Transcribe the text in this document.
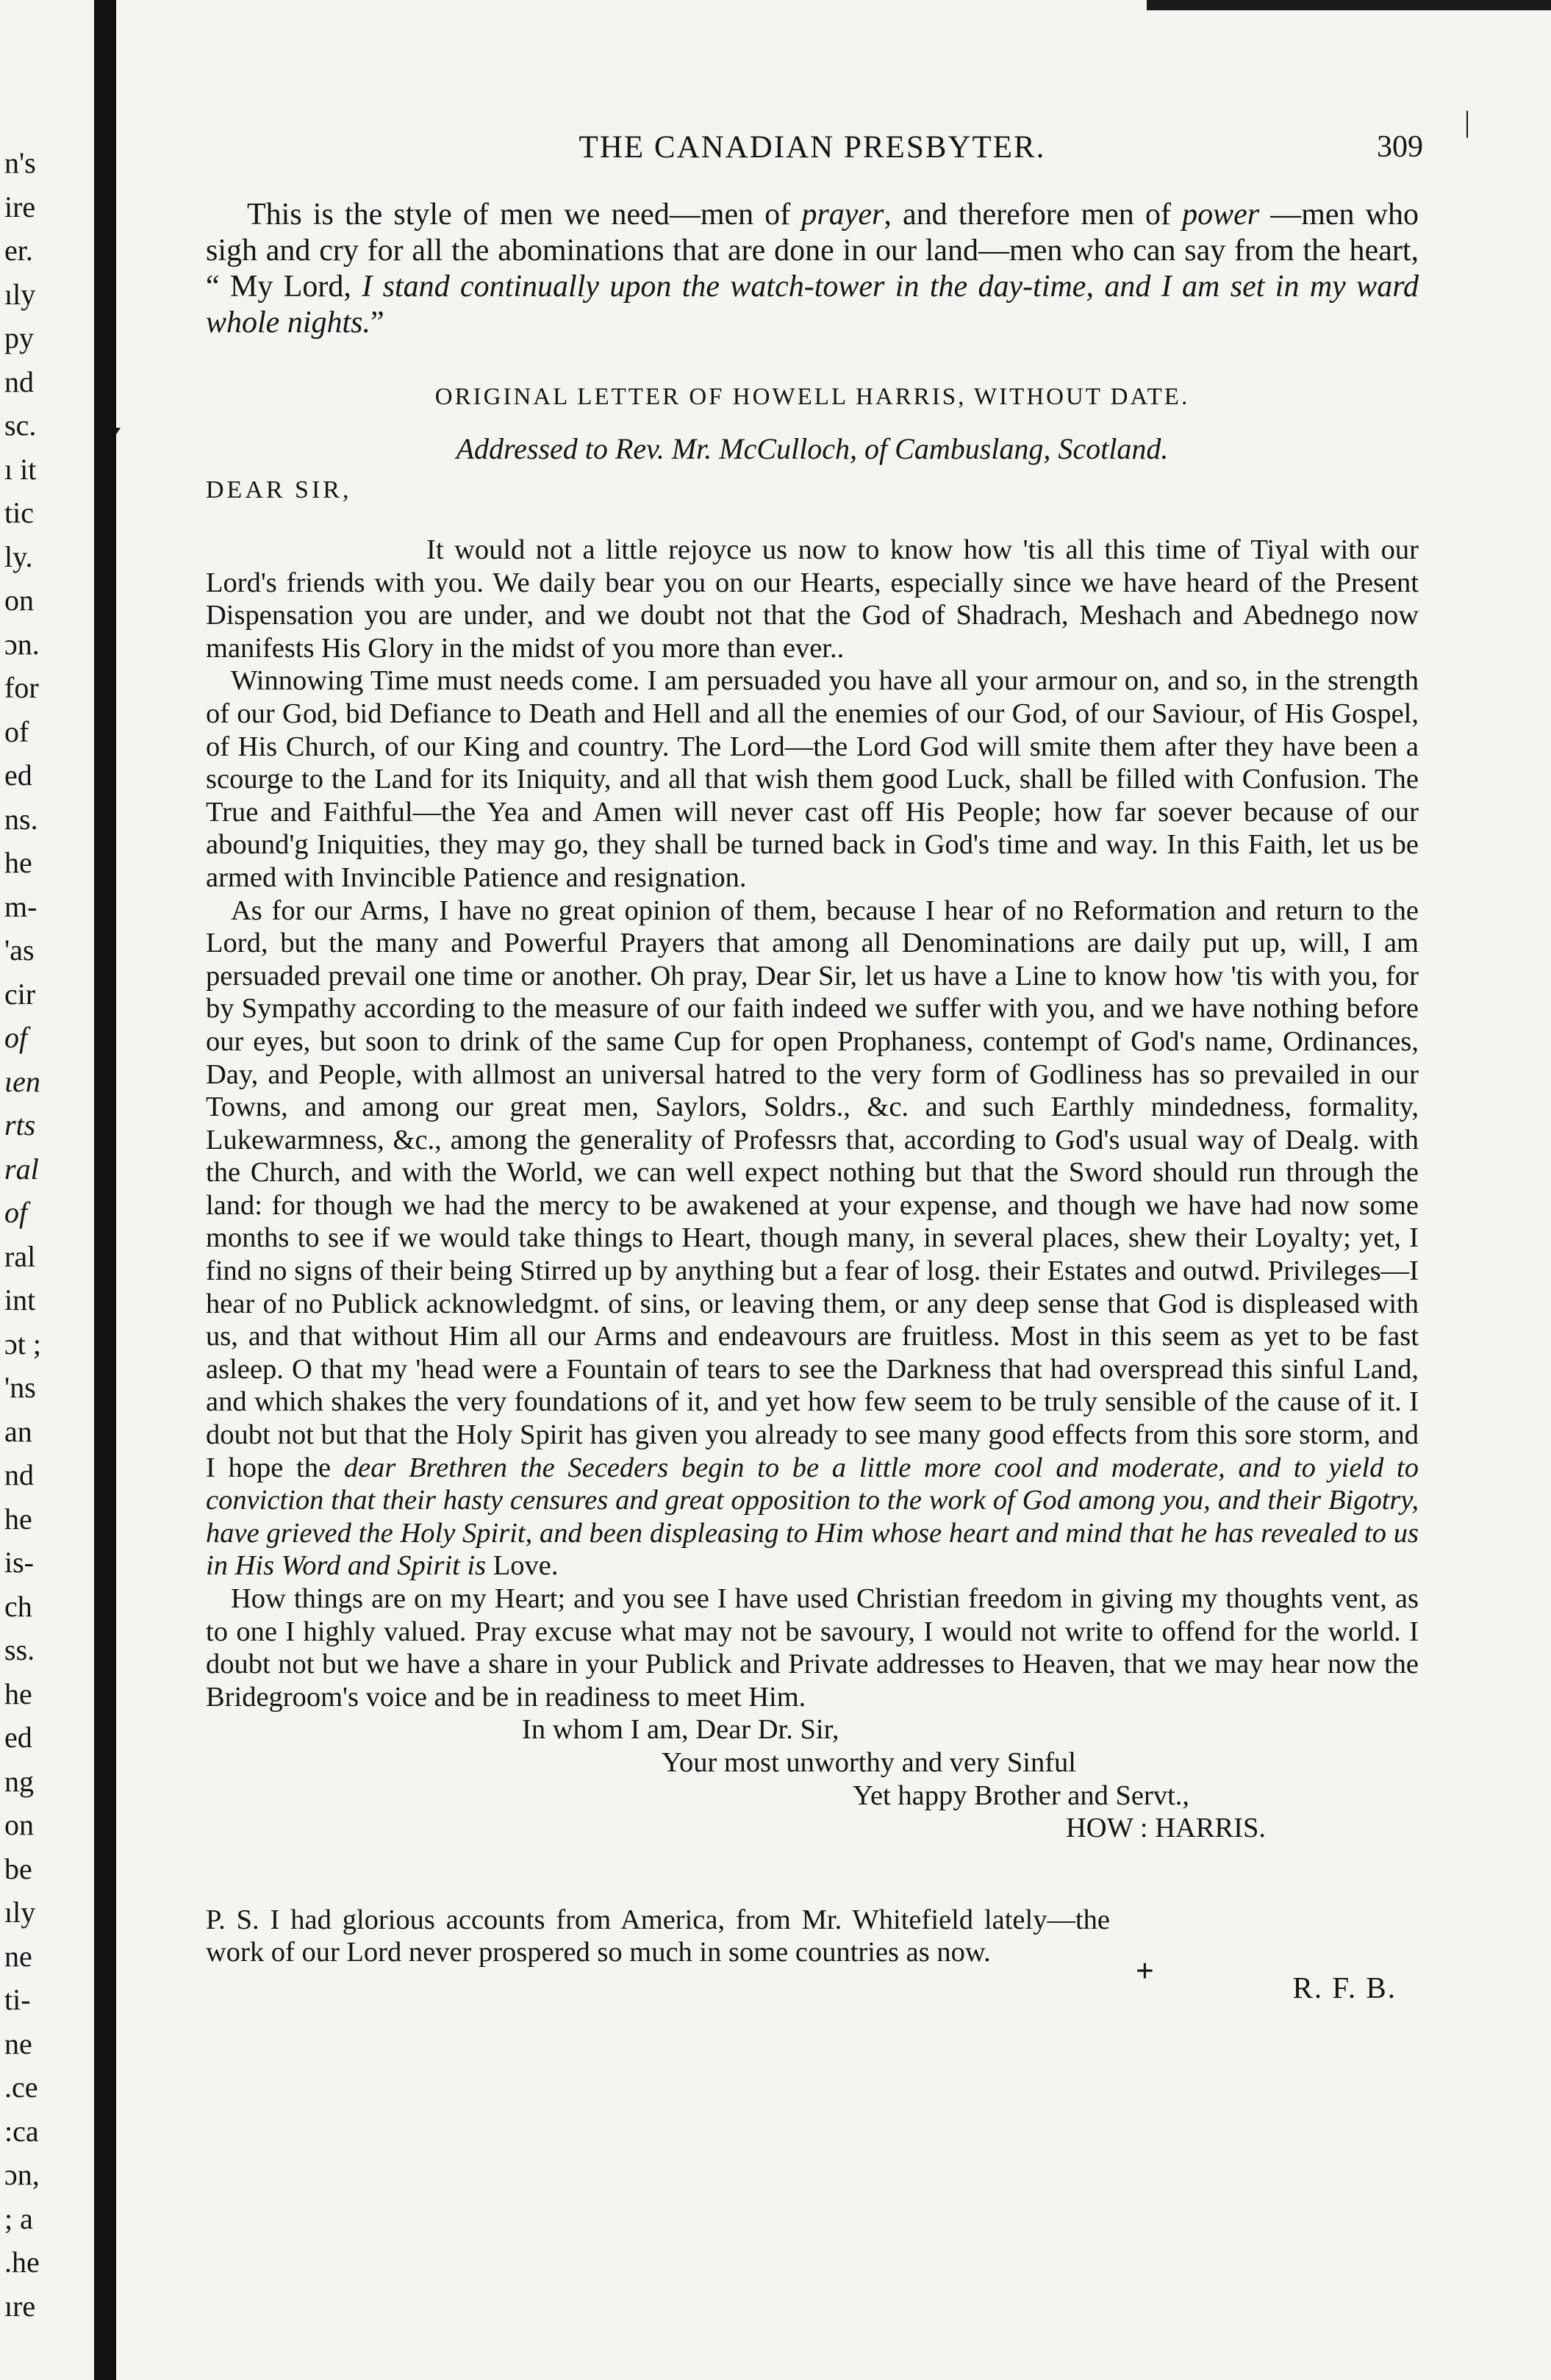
n's
ire
er.
ıly
py
nd
sc.
ı it
tic
ly.
on
ɔn.
for
of
ed
ns.
he
m-
'as
cir
of
ιen
rts
ral
of
ral
int
ɔt ;
'ns
an
nd
he
is-
ch
ss.
he
ed
ng
on
be
ıly
ne
ti-
ne
.ce
:ca
ɔn,
; a
.he
ıre
THE CANADIAN PRESBYTER.	309
|
This is the style of men we need—men of prayer, and therefore men of power —men who sigh and cry for all the abominations that are done in our land—men who can say from the heart, “ My Lord, I stand continually upon the watch-tower in the day-time, and I am set in my ward whole nights.”
ORIGINAL LETTER OF HOWELL HARRIS, WITHOUT DATE.
Addressed to Rev. Mr. McCulloch, of Cambuslang, Scotland.
DEAR SIR,

It would not a little rejoyce us now to know how 'tis all this time of Tiyal with our Lord's friends with you. We daily bear you on our Hearts, especially since we have heard of the Present Dispensation you are under, and we doubt not that the God of Shadrach, Meshach and Abednego now manifests His Glory in the midst of you more than ever..

Winnowing Time must needs come. I am persuaded you have all your armour on, and so, in the strength of our God, bid Defiance to Death and Hell and all the enemies of our God, of our Saviour, of His Gospel, of His Church, of our King and country. The Lord—the Lord God will smite them after they have been a scourge to the Land for its Iniquity, and all that wish them good Luck, shall be filled with Confusion. The True and Faithful—the Yea and Amen will never cast off His People; how far soever because of our abound'g Iniquities, they may go, they shall be turned back in God's time and way. In this Faith, let us be armed with Invincible Patience and resignation.

As for our Arms, I have no great opinion of them, because I hear of no Reformation and return to the Lord, but the many and Powerful Prayers that among all Denominations are daily put up, will, I am persuaded prevail one time or another. Oh pray, Dear Sir, let us have a Line to know how 'tis with you, for by Sympathy according to the measure of our faith indeed we suffer with you, and we have nothing before our eyes, but soon to drink of the same Cup for open Prophaness, contempt of God's name, Ordinances, Day, and People, with allmost an universal hatred to the very form of Godliness has so prevailed in our Towns, and among our great men, Saylors, Soldrs., &c. and such Earthly mindedness, formality, Lukewarmness, &c., among the generality of Professrs that, according to God's usual way of Dealg. with the Church, and with the World, we can well expect nothing but that the Sword should run through the land: for though we had the mercy to be awakened at your expense, and though we have had now some months to see if we would take things to Heart, though many, in several places, shew their Loyalty; yet, I find no signs of their being Stirred up by anything but a fear of losg. their Estates and outwd. Privileges—I hear of no Publick acknowledgmt. of sins, or leaving them, or any deep sense that God is displeased with us, and that without Him all our Arms and endeavours are fruitless. Most in this seem as yet to be fast asleep. O that my 'head were a Fountain of tears to see the Darkness that had overspread this sinful Land, and which shakes the very foundations of it, and yet how few seem to be truly sensible of the cause of it. I doubt not but that the Holy Spirit has given you already to see many good effects from this sore storm, and I hope the dear Brethren the Seceders begin to be a little more cool and moderate, and to yield to conviction that their hasty censures and great opposition to the work of God among you, and their Bigotry, have grieved the Holy Spirit, and been displeasing to Him whose heart and mind that he has revealed to us in His Word and Spirit is Love.

How things are on my Heart; and you see I have used Christian freedom in giving my thoughts vent, as to one I highly valued. Pray excuse what may not be savoury, I would not write to offend for the world. I doubt not but we have a share in your Publick and Private addresses to Heaven, that we may hear now the Bridegroom's voice and be in readiness to meet Him.

In whom I am, Dear Dr. Sir,
Your most unworthy and very Sinful
Yet happy Brother and Servt.,
HOW : HARRIS.
P. S. I had glorious accounts from America, from Mr. Whitefield lately—the work of our Lord never prospered so much in some countries as now.
+	R. F. B.
